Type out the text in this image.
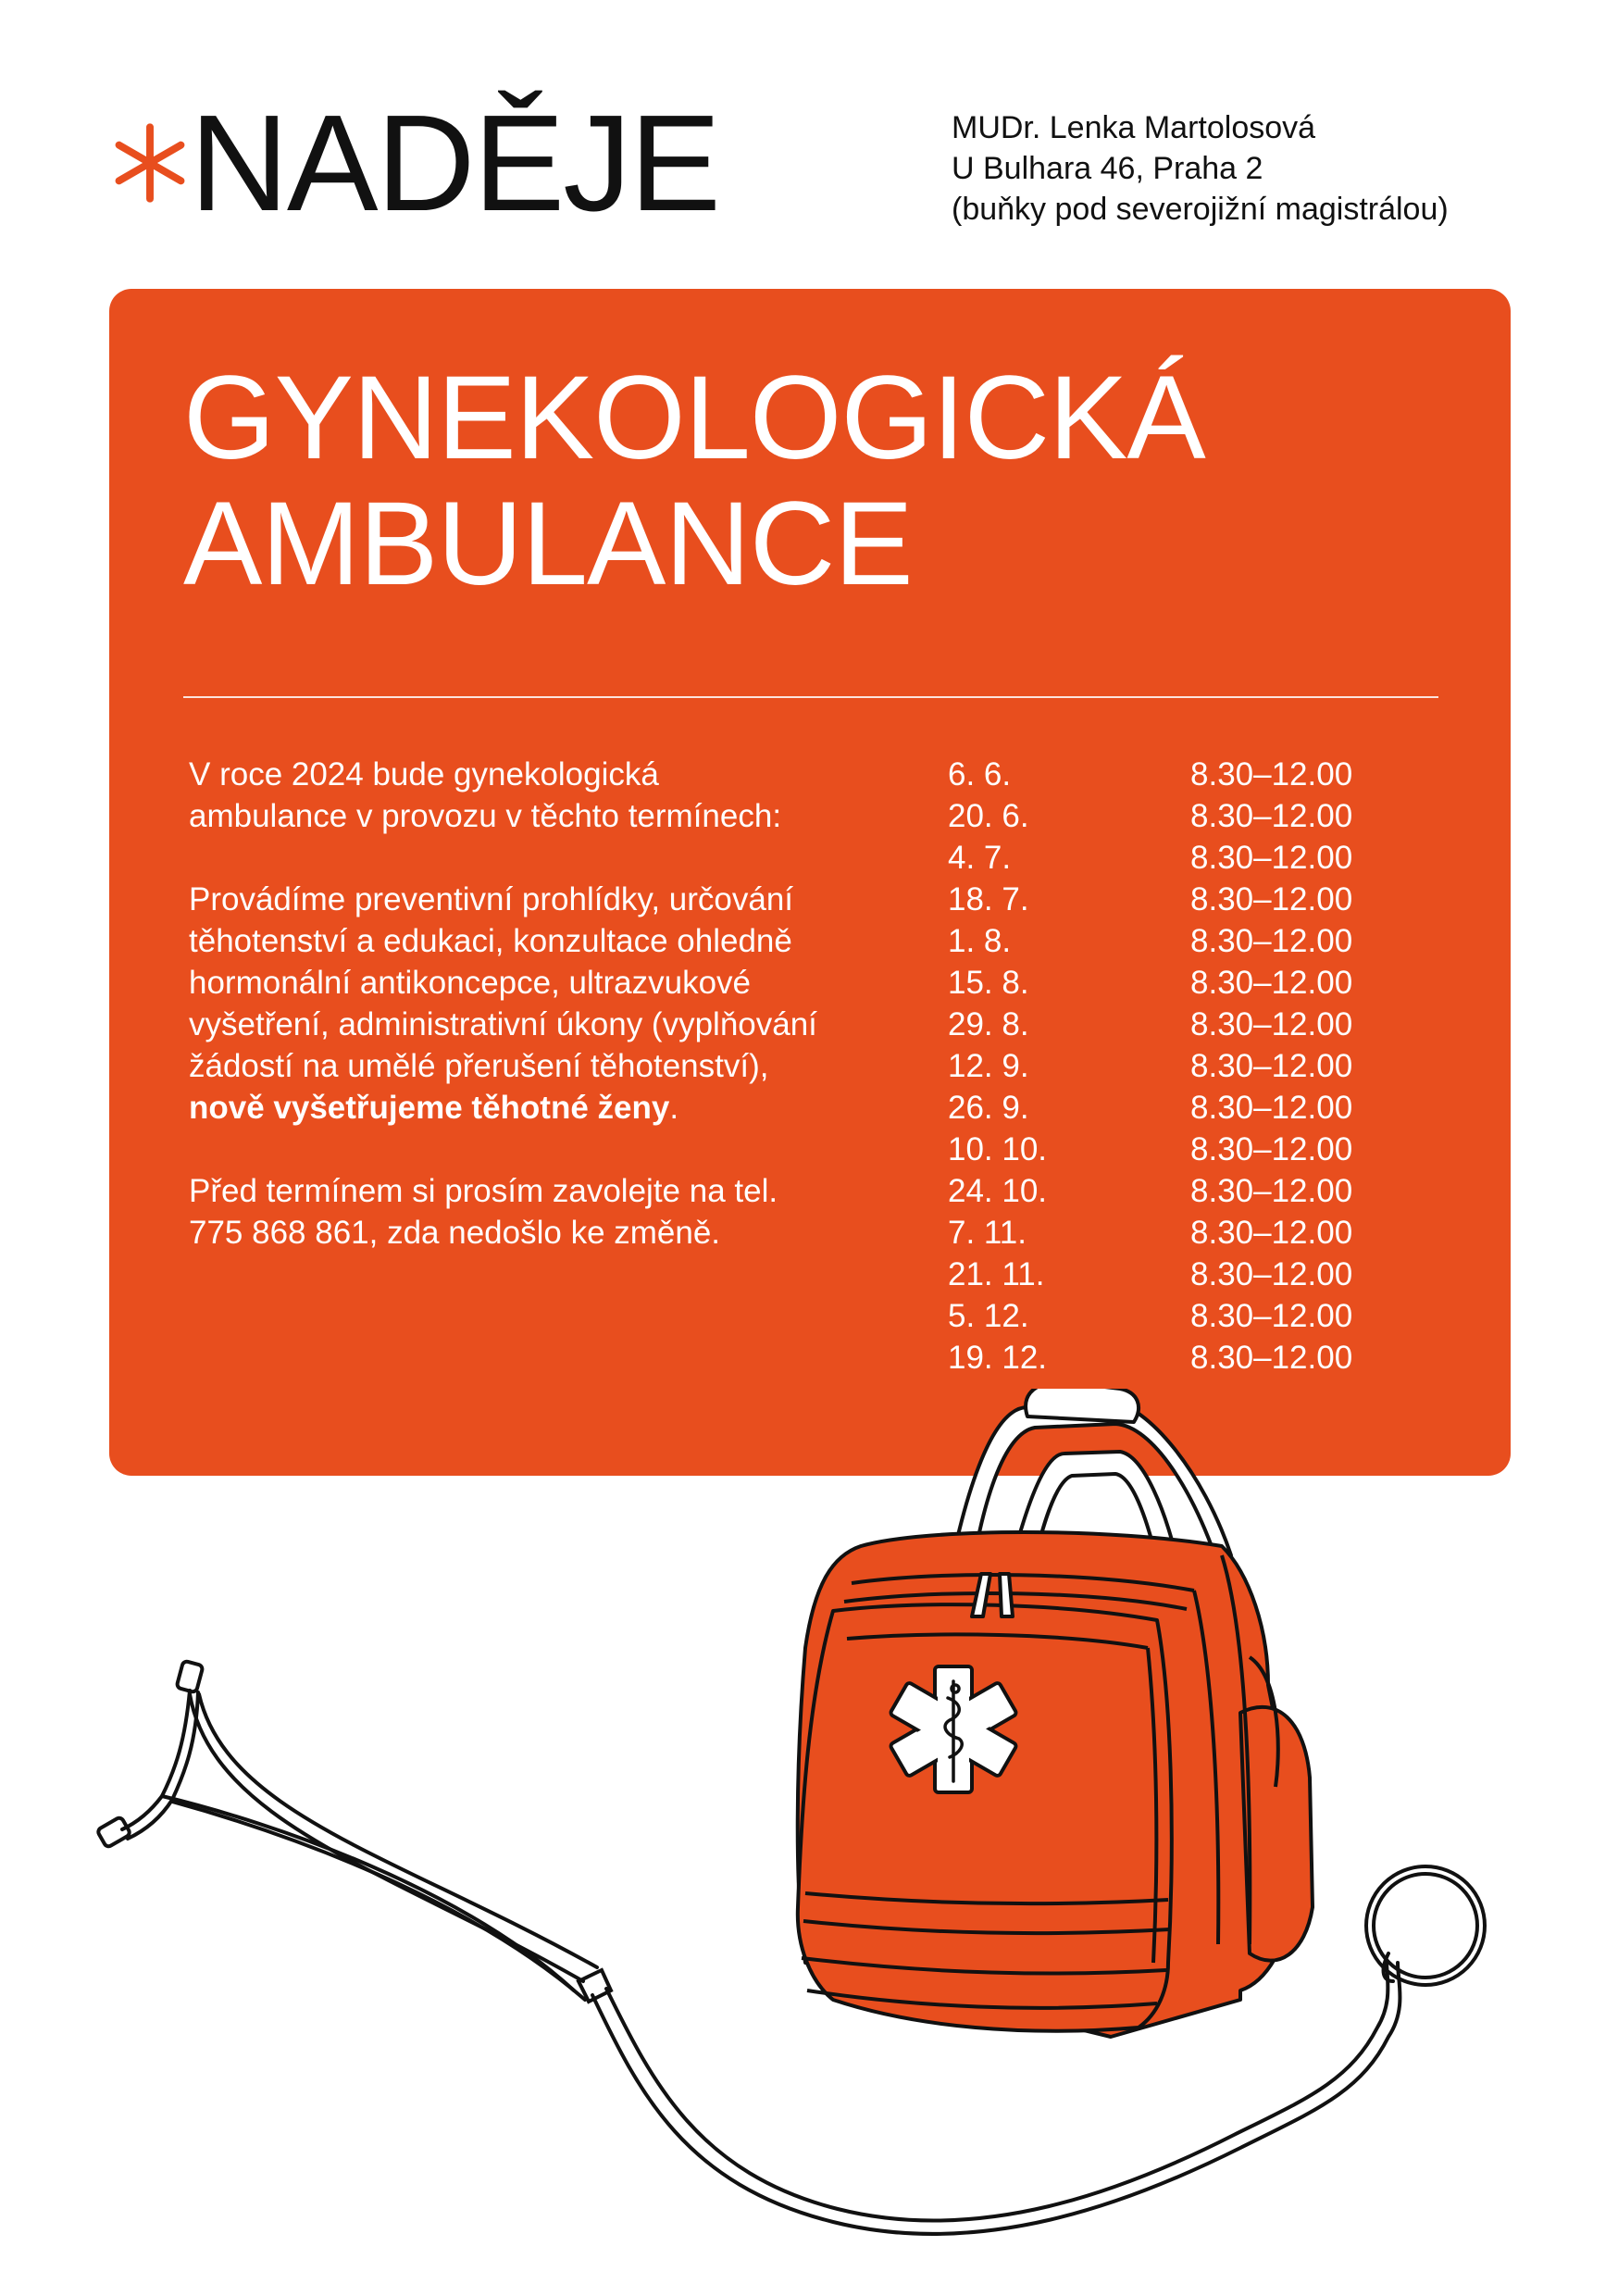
NADĚJE	MUDr. Lenka Martolosová
U Bulhara 46, Praha 2
(buňky pod severojižní magistrálou)
GYNEKOLOGICKÁ
AMBULANCE

V roce 2024 bude gynekologická ambulance v provozu v těchto termínech:

Provádíme preventivní prohlídky, určování těhotenství a edukaci, konzultace ohledně hormonální antikoncepce, ultrazvukové vyšetření, administrativní úkony (vyplňování žádostí na umělé přerušení těhotenství), nově vyšetřujeme těhotné ženy.

Před termínem si prosím zavolejte na tel. 775 868 861, zda nedošlo ke změně.

6. 6.	8.30–12.00
20. 6.	8.30–12.00
4. 7.	8.30–12.00
18. 7.	8.30–12.00
1. 8.	8.30–12.00
15. 8.	8.30–12.00
29. 8.	8.30–12.00
12. 9.	8.30–12.00
26. 9.	8.30–12.00
10. 10.	8.30–12.00
24. 10.	8.30–12.00
7. 11.	8.30–12.00
21. 11.	8.30–12.00
5. 12.	8.30–12.00
19. 12.	8.30–12.00
